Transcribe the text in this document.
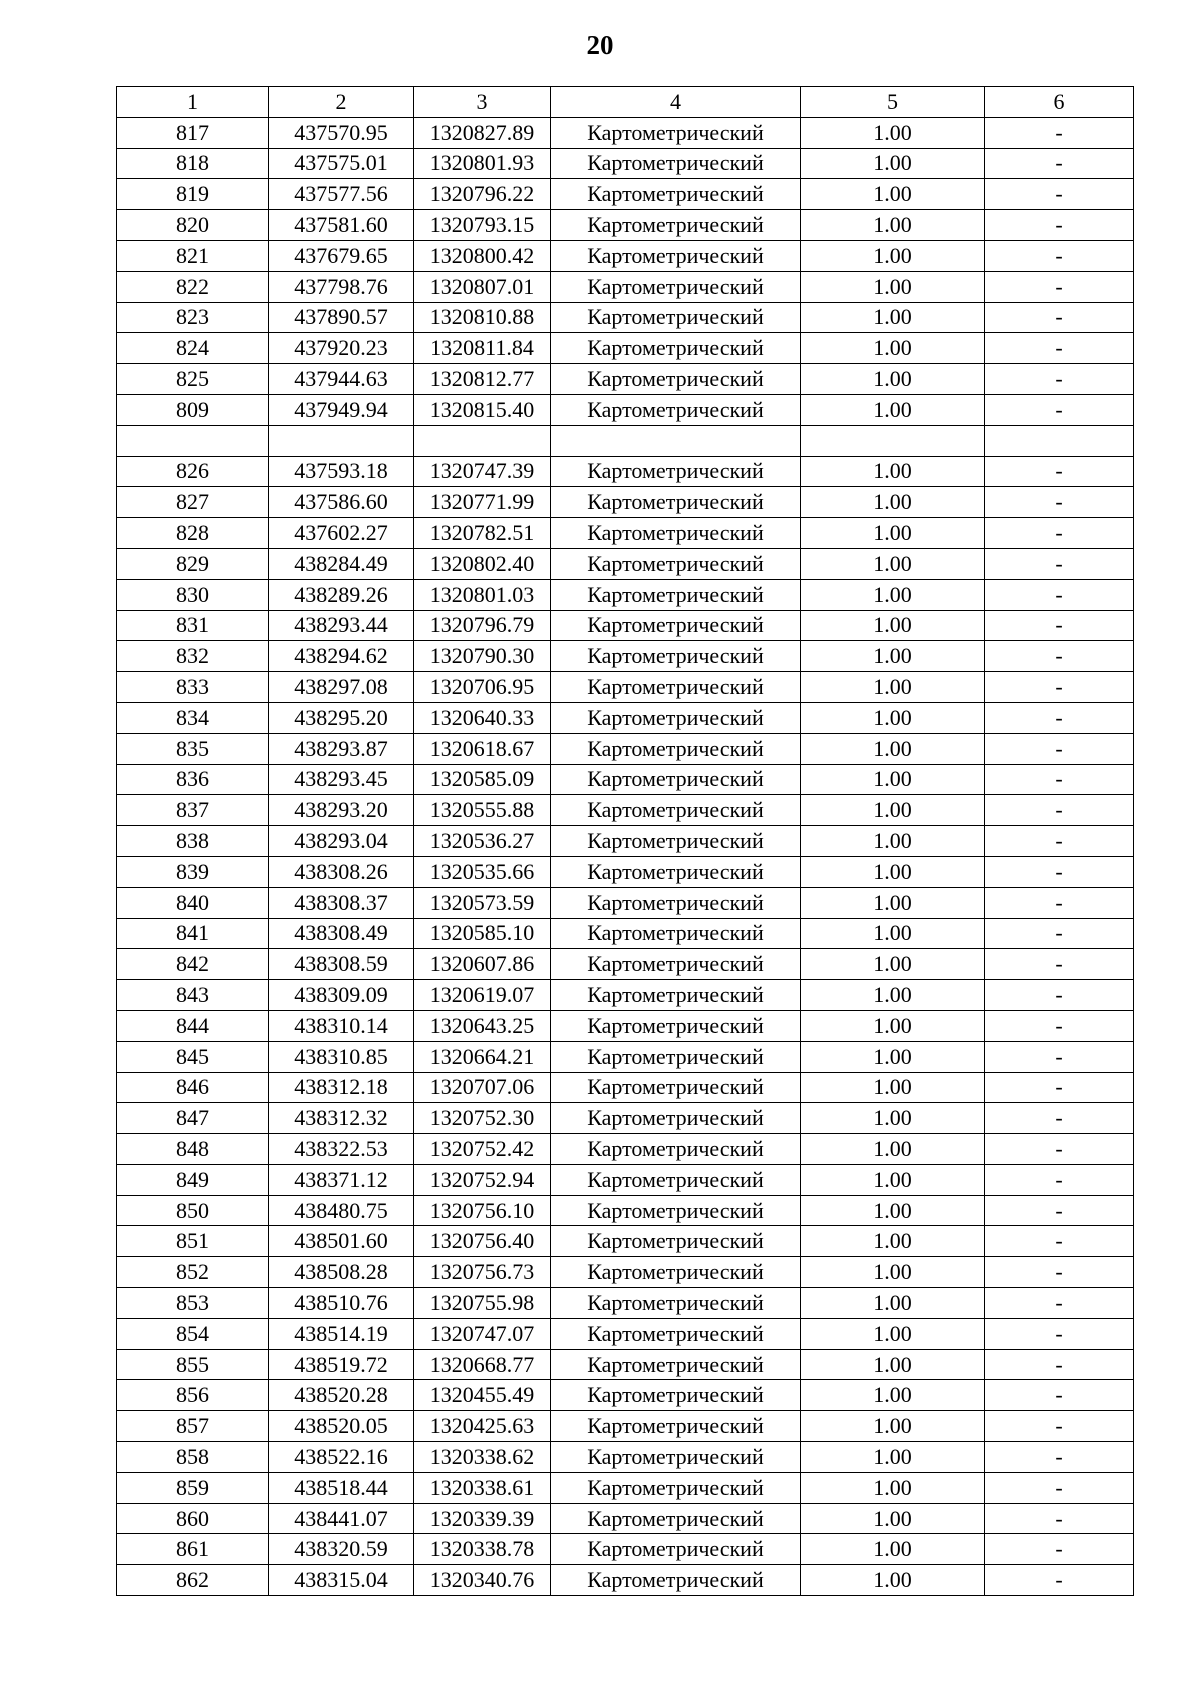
20
1	2	3	4	5	6
817	437570.95	1320827.89	Картометрический	1.00	-
818	437575.01	1320801.93	Картометрический	1.00	-
819	437577.56	1320796.22	Картометрический	1.00	-
820	437581.60	1320793.15	Картометрический	1.00	-
821	437679.65	1320800.42	Картометрический	1.00	-
822	437798.76	1320807.01	Картометрический	1.00	-
823	437890.57	1320810.88	Картометрический	1.00	-
824	437920.23	1320811.84	Картометрический	1.00	-
825	437944.63	1320812.77	Картометрический	1.00	-
809	437949.94	1320815.40	Картометрический	1.00	-

826	437593.18	1320747.39	Картометрический	1.00	-
827	437586.60	1320771.99	Картометрический	1.00	-
828	437602.27	1320782.51	Картометрический	1.00	-
829	438284.49	1320802.40	Картометрический	1.00	-
830	438289.26	1320801.03	Картометрический	1.00	-
831	438293.44	1320796.79	Картометрический	1.00	-
832	438294.62	1320790.30	Картометрический	1.00	-
833	438297.08	1320706.95	Картометрический	1.00	-
834	438295.20	1320640.33	Картометрический	1.00	-
835	438293.87	1320618.67	Картометрический	1.00	-
836	438293.45	1320585.09	Картометрический	1.00	-
837	438293.20	1320555.88	Картометрический	1.00	-
838	438293.04	1320536.27	Картометрический	1.00	-
839	438308.26	1320535.66	Картометрический	1.00	-
840	438308.37	1320573.59	Картометрический	1.00	-
841	438308.49	1320585.10	Картометрический	1.00	-
842	438308.59	1320607.86	Картометрический	1.00	-
843	438309.09	1320619.07	Картометрический	1.00	-
844	438310.14	1320643.25	Картометрический	1.00	-
845	438310.85	1320664.21	Картометрический	1.00	-
846	438312.18	1320707.06	Картометрический	1.00	-
847	438312.32	1320752.30	Картометрический	1.00	-
848	438322.53	1320752.42	Картометрический	1.00	-
849	438371.12	1320752.94	Картометрический	1.00	-
850	438480.75	1320756.10	Картометрический	1.00	-
851	438501.60	1320756.40	Картометрический	1.00	-
852	438508.28	1320756.73	Картометрический	1.00	-
853	438510.76	1320755.98	Картометрический	1.00	-
854	438514.19	1320747.07	Картометрический	1.00	-
855	438519.72	1320668.77	Картометрический	1.00	-
856	438520.28	1320455.49	Картометрический	1.00	-
857	438520.05	1320425.63	Картометрический	1.00	-
858	438522.16	1320338.62	Картометрический	1.00	-
859	438518.44	1320338.61	Картометрический	1.00	-
860	438441.07	1320339.39	Картометрический	1.00	-
861	438320.59	1320338.78	Картометрический	1.00	-
862	438315.04	1320340.76	Картометрический	1.00	-
